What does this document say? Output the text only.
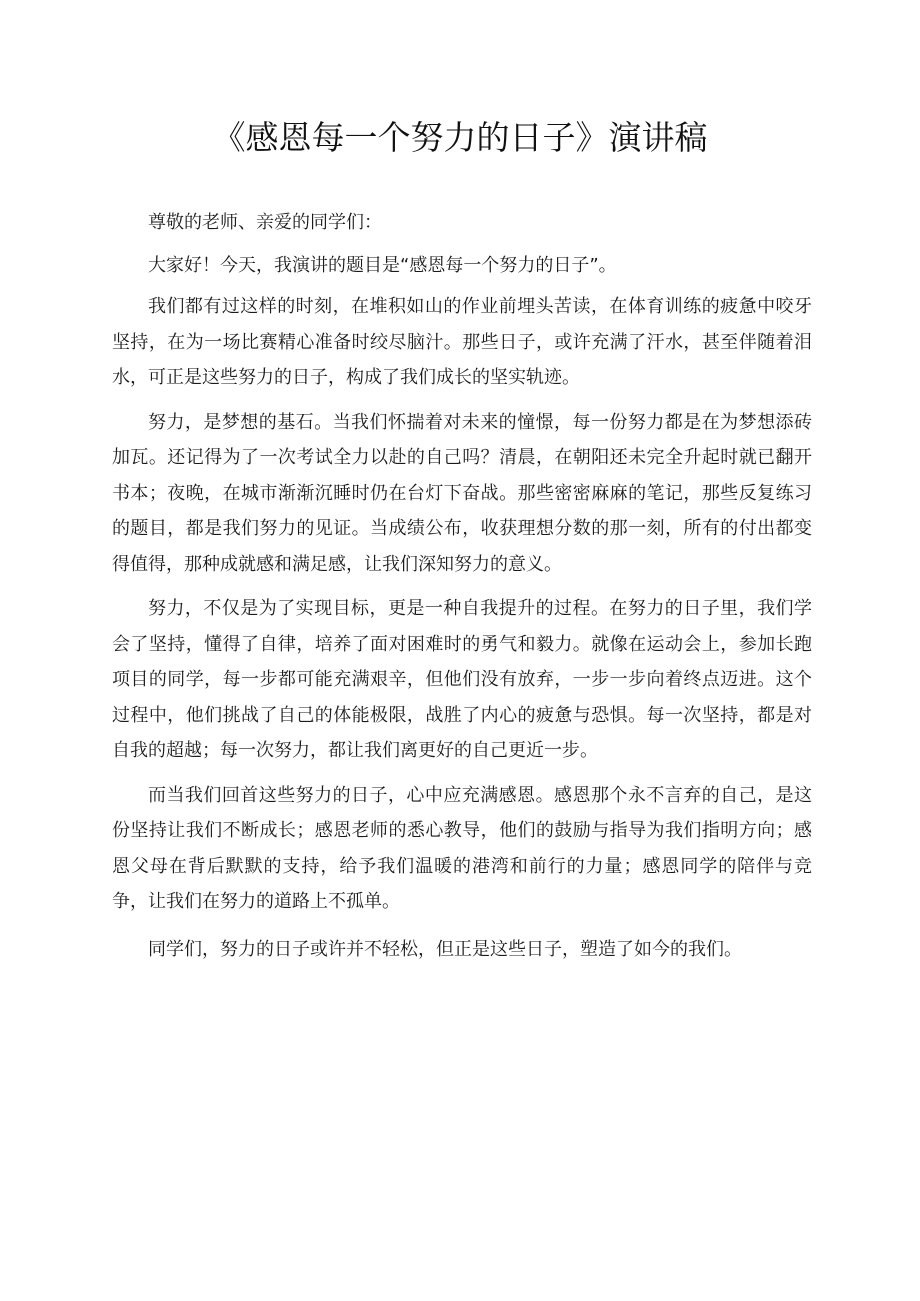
《感恩每一个努力的日子》演讲稿

尊敬的老师、亲爱的同学们：

大家好！今天，我演讲的题目是“感恩每一个努力的日子”。

我们都有过这样的时刻，在堆积如山的作业前埋头苦读，在体育训练的疲惫中咬牙坚持，在为一场比赛精心准备时绞尽脑汁。那些日子，或许充满了汗水，甚至伴随着泪水，可正是这些努力的日子，构成了我们成长的坚实轨迹。

努力，是梦想的基石。当我们怀揣着对未来的憧憬，每一份努力都是在为梦想添砖加瓦。还记得为了一次考试全力以赴的自己吗？清晨，在朝阳还未完全升起时就已翻开书本；夜晚，在城市渐渐沉睡时仍在台灯下奋战。那些密密麻麻的笔记，那些反复练习的题目，都是我们努力的见证。当成绩公布，收获理想分数的那一刻，所有的付出都变得值得，那种成就感和满足感，让我们深知努力的意义。

努力，不仅是为了实现目标，更是一种自我提升的过程。在努力的日子里，我们学会了坚持，懂得了自律，培养了面对困难时的勇气和毅力。就像在运动会上，参加长跑项目的同学，每一步都可能充满艰辛，但他们没有放弃，一步一步向着终点迈进。这个过程中，他们挑战了自己的体能极限，战胜了内心的疲惫与恐惧。每一次坚持，都是对自我的超越；每一次努力，都让我们离更好的自己更近一步。

而当我们回首这些努力的日子，心中应充满感恩。感恩那个永不言弃的自己，是这份坚持让我们不断成长；感恩老师的悉心教导，他们的鼓励与指导为我们指明方向；感恩父母在背后默默的支持，给予我们温暖的港湾和前行的力量；感恩同学的陪伴与竞争，让我们在努力的道路上不孤单。

同学们，努力的日子或许并不轻松，但正是这些日子，塑造了如今的我们。
